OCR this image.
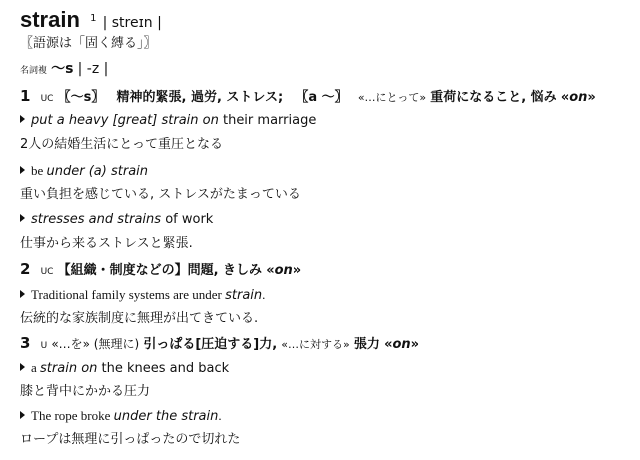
strain $^1$ | streɪn |
〖語源は「固く縛る」〗
名詞複 〜s | -z |
1 UC 〖〜s〗 精神的緊張, 過労, ストレス; 〖a 〜〗 «…にとって» 重荷になること, 悩み «on»
put a heavy [great] strain on their marriage
2人の結婚生活にとって重圧となる
be under (a) strain
重い負担を感じている, ストレスがたまっている
stresses and strains of work
仕事から来るストレスと緊張.
2 UC 【組織・制度などの】問題, きしみ «on»
Traditional family systems are under strain.
伝統的な家族制度に無理が出てきている.
3 U «…を» (無理に) 引っぱる[圧迫する]力, «…に対する» 張力 «on»
a strain on the knees and back
膝と背中にかかる圧力
The rope broke under the strain.
ロープは無理に引っぱったので切れた
